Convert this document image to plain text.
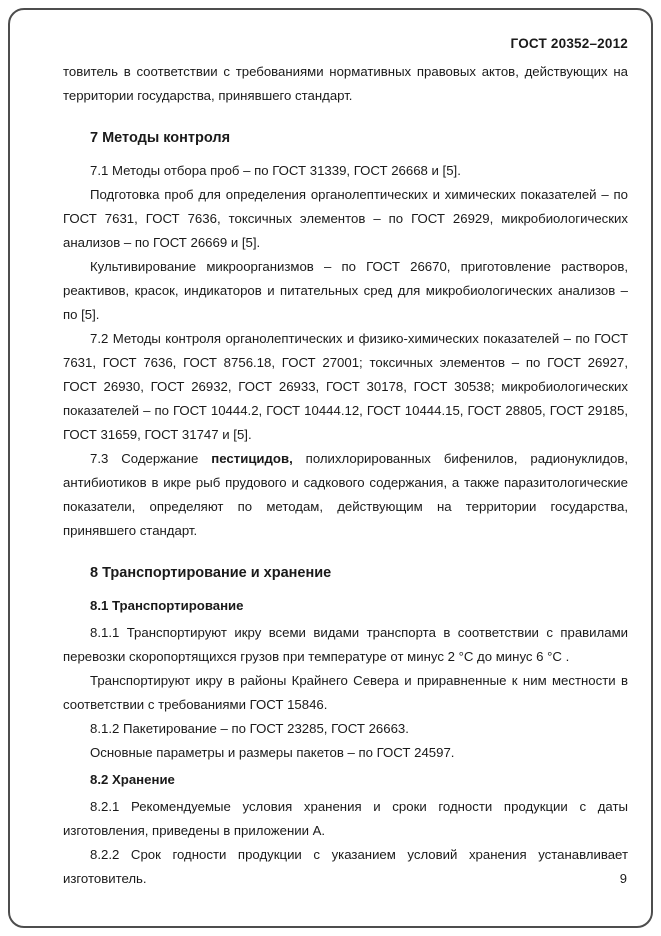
ГОСТ 20352–2012

товитель в соответствии с требованиями нормативных правовых актов, действующих на территории государства, принявшего стандарт.

7 Методы контроля

7.1 Методы отбора проб – по ГОСТ 31339, ГОСТ 26668 и [5].

Подготовка проб для определения органолептических и химических показателей – по ГОСТ 7631, ГОСТ 7636, токсичных элементов – по ГОСТ 26929, микробиологических анализов – по ГОСТ 26669 и [5].

Культивирование микроорганизмов – по ГОСТ 26670, приготовление растворов, реактивов, красок, индикаторов и питательных сред для микробиологических анализов – по [5].

7.2 Методы контроля органолептических и физико-химических показателей – по ГОСТ 7631, ГОСТ 7636, ГОСТ 8756.18, ГОСТ 27001; токсичных элементов – по ГОСТ 26927, ГОСТ 26930, ГОСТ 26932, ГОСТ 26933, ГОСТ 30178, ГОСТ 30538; микробиологических показателей – по ГОСТ 10444.2, ГОСТ 10444.12, ГОСТ 10444.15, ГОСТ 28805, ГОСТ 29185, ГОСТ 31659, ГОСТ 31747 и [5].

7.3 Содержание пестицидов, полихлорированных бифенилов, радионуклидов, антибиотиков в икре рыб прудового и садкового содержания, а также паразитологические показатели, определяют по методам, действующим на территории государства, принявшего стандарт.

8 Транспортирование и хранение
8.1 Транспортирование

8.1.1 Транспортируют икру всеми видами транспорта в соответствии с правилами перевозки скоропортящихся грузов при температуре от минус 2 °С до минус 6 °С .

Транспортируют икру в районы Крайнего Севера и приравненные к ним местности в соответствии с требованиями ГОСТ 15846.

8.1.2 Пакетирование – по ГОСТ 23285, ГОСТ 26663.

Основные параметры и размеры пакетов – по ГОСТ 24597.

8.2 Хранение

8.2.1 Рекомендуемые условия хранения и сроки годности продукции с даты изготовления, приведены в приложении А.

8.2.2 Срок годности продукции с указанием условий хранения устанавливает изготовитель.	9
